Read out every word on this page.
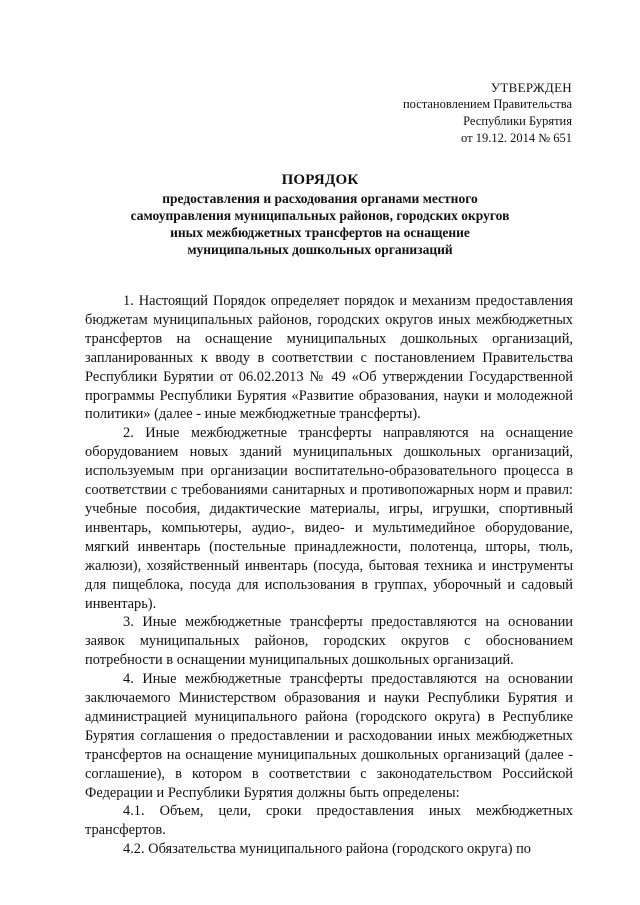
УТВЕРЖДЕН
постановлением Правительства
Республики Бурятия
от 19.12. 2014 № 651
ПОРЯДОК
предоставления и расходования органами местного
самоуправления муниципальных районов, городских округов
иных межбюджетных трансфертов на оснащение
муниципальных дошкольных организаций

1. Настоящий Порядок определяет порядок и механизм предоставления бюджетам муниципальных районов, городских округов иных межбюджетных трансфертов на оснащение муниципальных дошкольных организаций, запланированных к вводу в соответствии с постановлением Правительства Республики Бурятии от 06.02.2013 № 49 «Об утверждении Государственной программы Республики Бурятия «Развитие образования, науки и молодежной политики» (далее - иные межбюджетные трансферты).

2. Иные межбюджетные трансферты направляются на оснащение оборудованием новых зданий муниципальных дошкольных организаций, используемым при организации воспитательно-образовательного процесса в соответствии с требованиями санитарных и противопожарных норм и правил: учебные пособия, дидактические материалы, игры, игрушки, спортивный инвентарь, компьютеры, аудио-, видео- и мультимедийное оборудование, мягкий инвентарь (постельные принадлежности, полотенца, шторы, тюль, жалюзи), хозяйственный инвентарь (посуда, бытовая техника и инструменты для пищеблока, посуда для использования в группах, уборочный и садовый инвентарь).

3. Иные межбюджетные трансферты предоставляются на основании заявок муниципальных районов, городских округов с обоснованием потребности в оснащении муниципальных дошкольных организаций.

4. Иные межбюджетные трансферты предоставляются на основании заключаемого Министерством образования и науки Республики Бурятия и администрацией муниципального района (городского округа) в Республике Бурятия соглашения о предоставлении и расходовании иных межбюджетных трансфертов на оснащение муниципальных дошкольных организаций (далее - соглашение), в котором в соответствии с законодательством Российской Федерации и Республики Бурятия должны быть определены:

4.1. Объем, цели, сроки предоставления иных межбюджетных трансфертов.

4.2. Обязательства муниципального района (городского округа) по
